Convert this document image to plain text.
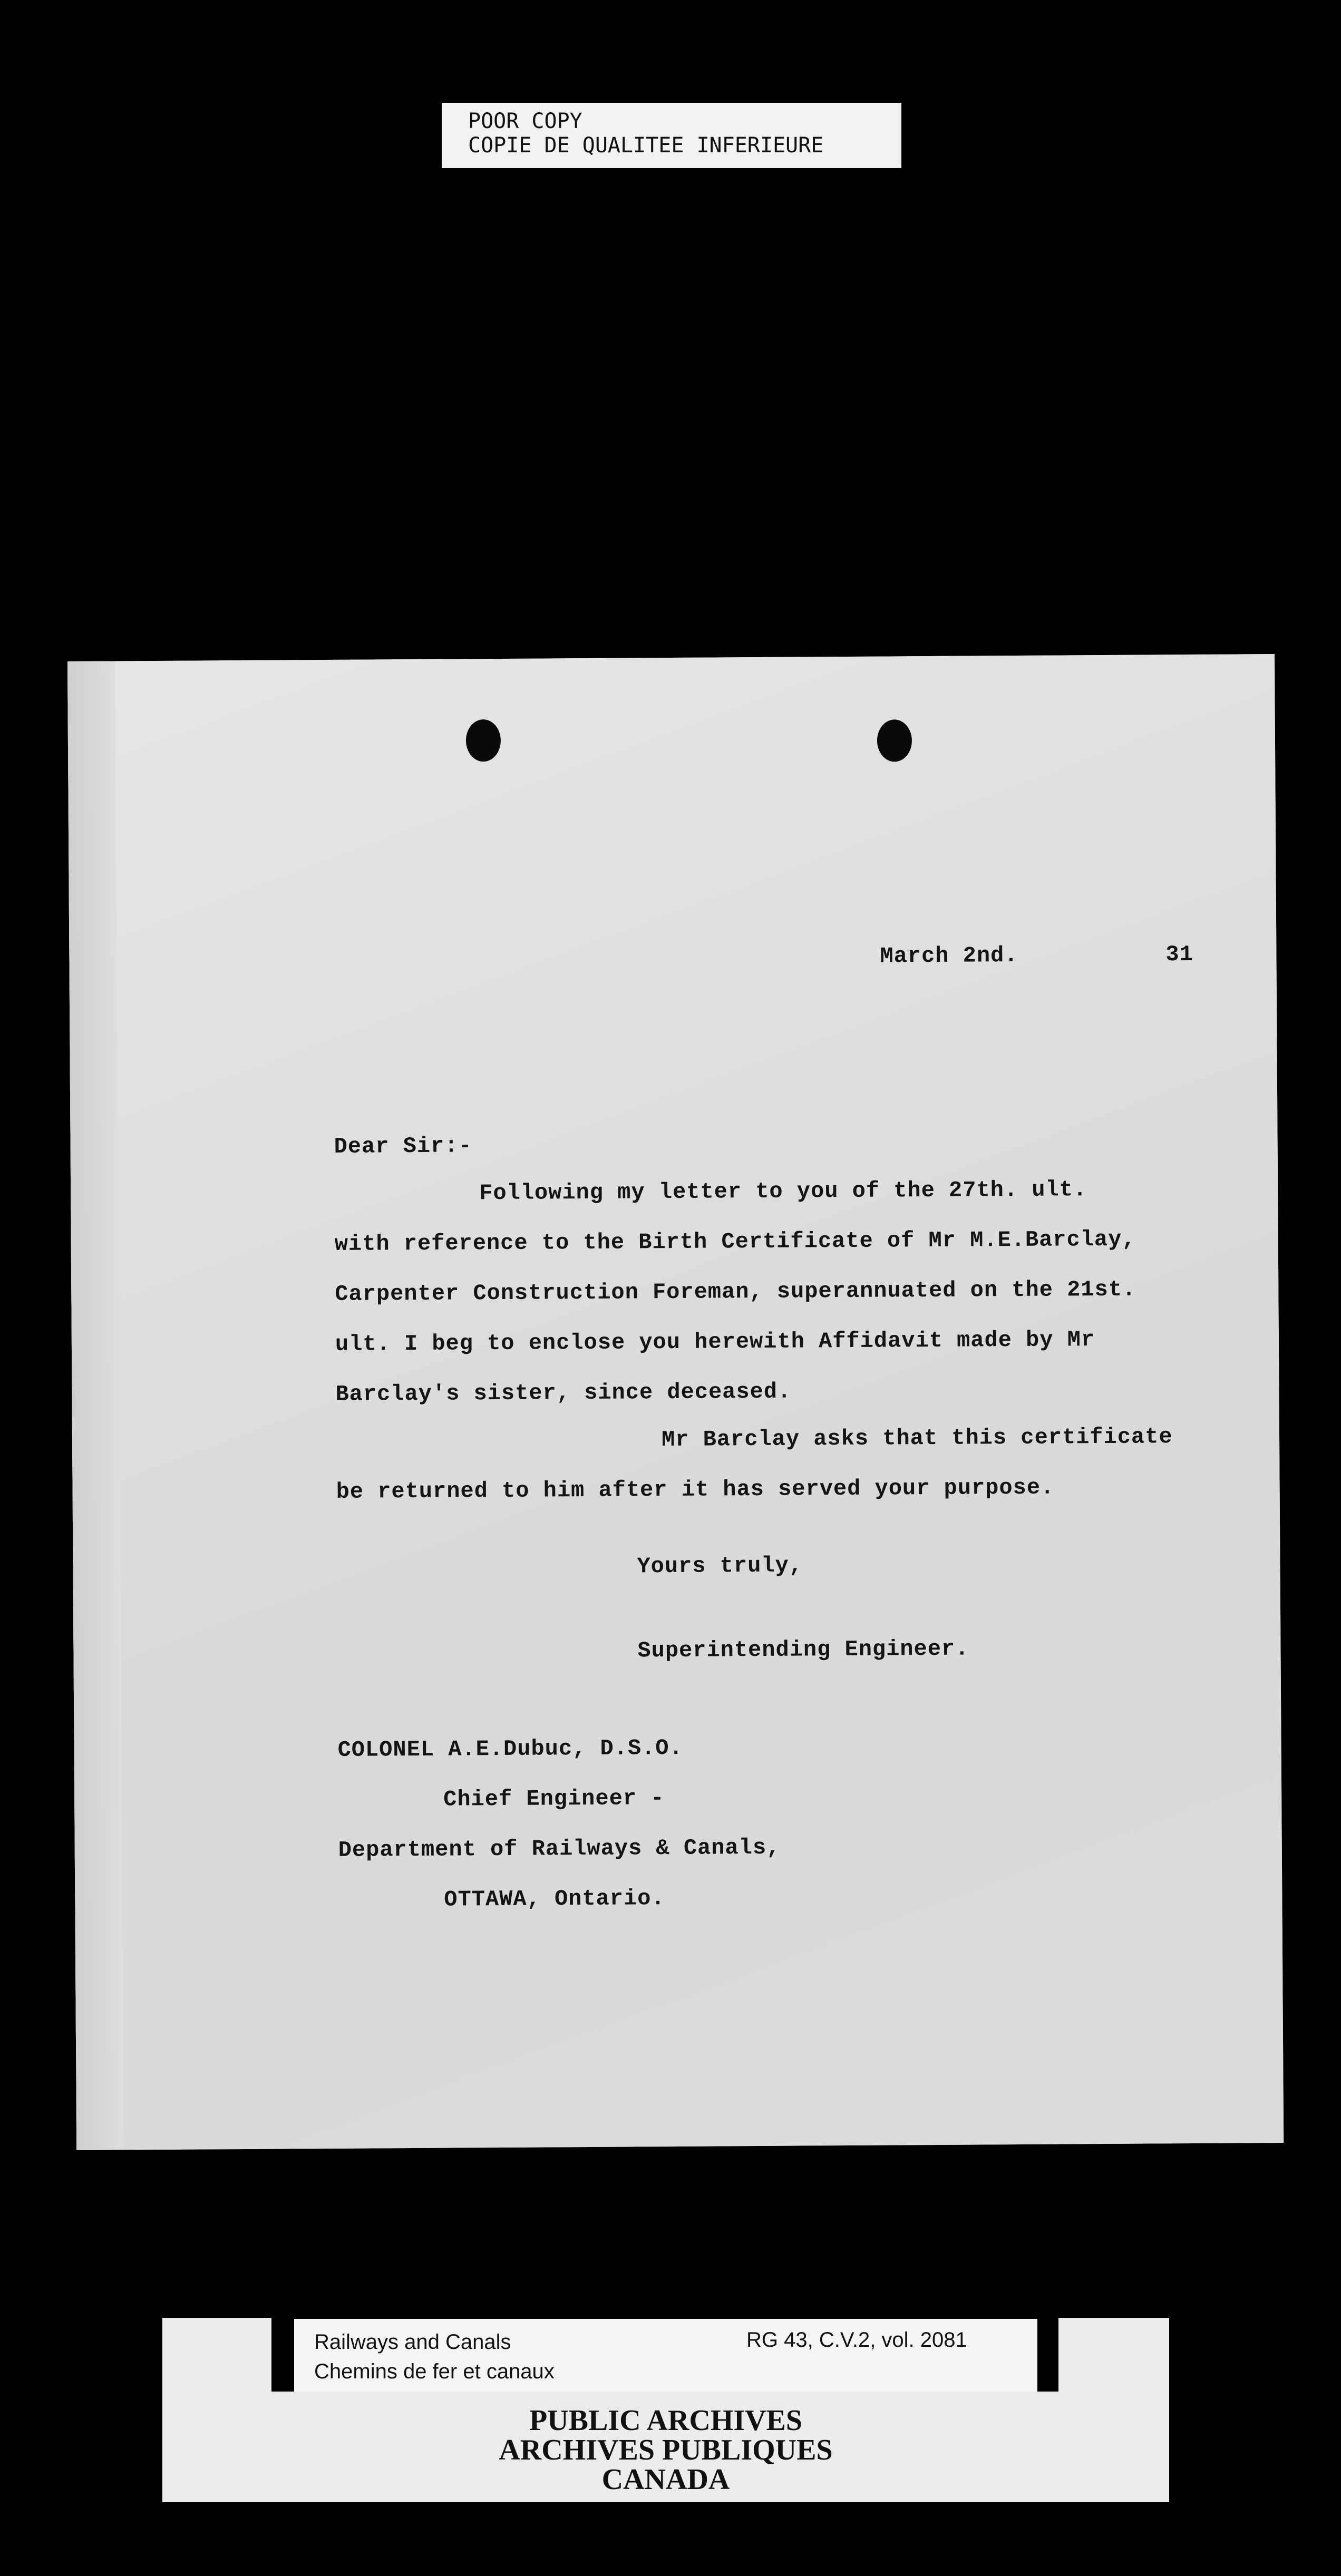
POOR COPY
COPIE DE QUALITEE INFERIEURE
March 2nd.	31
Dear Sir:-
Following my letter to you of the 27th. ult.
with reference to the Birth Certificate of Mr M.E.Barclay,
Carpenter Construction Foreman, superannuated on the 21st.
ult. I beg to enclose you herewith Affidavit made by Mr
Barclay's sister, since deceased.
Mr Barclay asks that this certificate
be returned to him after it has served your purpose.
Yours truly,
Superintending Engineer.
COLONEL A.E.Dubuc, D.S.O.
Chief Engineer -
Department of Railways & Canals,
OTTAWA, Ontario.
Railways and Canals
Chemins de fer et canaux
RG 43, C.V.2, vol. 2081
PUBLIC ARCHIVES
ARCHIVES PUBLIQUES
CANADA
